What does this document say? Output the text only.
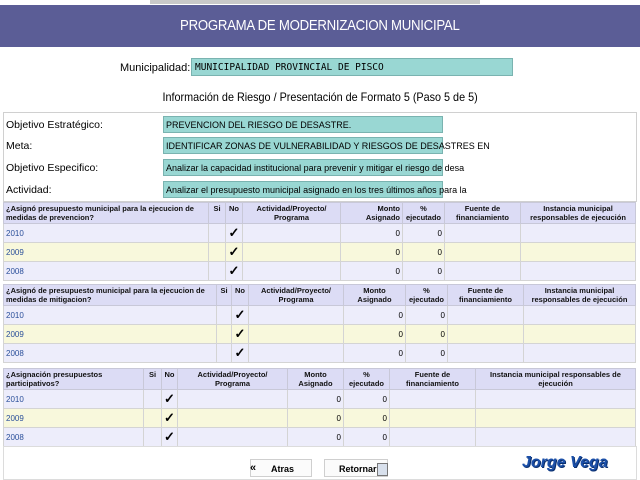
PROGRAMA DE MODERNIZACION MUNICIPAL
Municipalidad: MUNICIPALIDAD PROVINCIAL DE PISCO
Información de Riesgo / Presentación de Formato 5 (Paso 5 de 5)
Objetivo Estratégico:	PREVENCION DEL RIESGO DE DESASTRE.
Meta:	IDENTIFICAR ZONAS DE VULNERABILIDAD Y RIESGOS DE DESASTRES EN
Objetivo Especifico:	Analizar la capacidad institucional para prevenir y mitigar el riesgo de desa
Actividad:	Analizar el presupuesto municipal asignado en los tres últimos años para la
¿Asignó presupuesto municipal para la ejecucion de medidas de prevencion?	Si	No	Actividad/Proyecto/ Programa	Monto Asignado	% ejecutado	Fuente de financiamiento	Instancia municipal responsables de ejecución
2010		✓		0	0		
2009		✓		0	0		
2008		✓		0	0		
¿Asignó de presupuesto municipal para la ejecucion de medidas de mitigacion?	Si	No	Actividad/Proyecto/ Programa	Monto Asignado	% ejecutado	Fuente de financiamiento	Instancia municipal responsables de ejecución
2010		✓		0	0		
2009		✓		0	0		
2008		✓		0	0		
¿Asignación presupuestos participativos?	Si	No	Actividad/Proyecto/ Programa	Monto Asignado	% ejecutado	Fuente de financiamiento	Instancia municipal responsables de ejecución
2010		✓		0	0		
2009		✓		0	0		
2008		✓		0	0		
« Atras	Retornar	Jorge Vega
